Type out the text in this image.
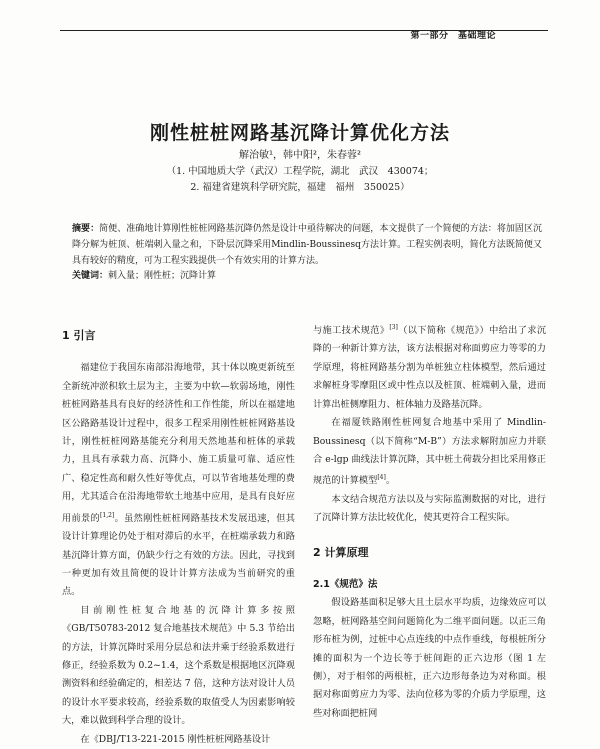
第一部分　基础理论
刚性桩桩网路基沉降计算优化方法
解治敏¹，韩中阳²，朱春蓉²
（1. 中国地质大学（武汉）工程学院，湖北　武汉　430074；
2. 福建省建筑科学研究院，福建　福州　350025）
摘要：简便、准确地计算刚性桩桩网路基沉降仍然是设计中亟待解决的问题，本文提供了一个简便的方法：将加固区沉降分解为桩顶、桩端刺入量之和，下卧层沉降采用Mindlin-Boussinesq方法计算。工程实例表明，简化方法既简便又具有较好的精度，可为工程实践提供一个有效实用的计算方法。
关键词：刺入量；刚性桩；沉降计算
1 引言

福建位于我国东南部沿海地带，其十体以晚更新统至全新统冲淤积软土层为主，主要为中软—软弱场地，刚性桩桩网路基具有良好的经济性和工作性能，所以在福建地区公路路基设计过程中，很多工程采用刚性桩桩网路基设计，刚性桩桩网路基能充分利用天然地基和桩体的承载力，且具有承载力高、沉降小、施工质量可靠、适应性广、稳定性高和耐久性好等优点，可以节省地基处理的费用，尤其适合在沿海地带软土地基中应用，是具有良好应用前景的[1,2]。虽然刚性桩桩网路基技术发展迅速，但其设计计算理论仍处于相对滞后的水平，在桩端承载力和路基沉降计算方面，仍缺少行之有效的方法。因此，寻找到一种更加有效且简便的设计计算方法成为当前研究的重点。

目前刚性桩复合地基的沉降计算多按照《GB/T50783-2012 复合地基技术规范》中 5.3 节给出的方法，计算沉降时采用分层总和法并乘于经验系数进行修正，经验系数为 0.2~1.4，这个系数是根据地区沉降观测资料和经验确定的，相差达 7 倍，这种方法对设计人员的设计水平要求较高，经验系数的取值受人为因素影响较大，难以做到科学合理的设计。

在《DBJ/T13-221-2015 刚性桩桩网路基设计

与施工技术规范》[3]（以下简称《规范》）中给出了求沉降的一种新计算方法，该方法根据对称面剪应力等零的力学原理，将桩网路基分割为单桩独立柱体模型，然后通过求解桩身零摩阻区或中性点以及桩顶、桩端刺入量，进而计算出桩侧摩阻力、桩体轴力及路基沉降。

在福厦铁路刚性桩网复合地基中采用了 Mindlin-Boussinesq（以下简称“M-B”）方法求解附加应力并联合 e-lgp 曲线法计算沉降，其中桩土荷载分担比采用修正规范的计算模型[4]。

本文结合规范方法以及与实际监测数据的对比，进行了沉降计算方法比较优化，使其更符合工程实际。

2 计算原理
2.1《规范》法

假设路基面积足够大且土层水平均质，边缘效应可以忽略，桩网路基空间问题简化为二维平面问题。以正三角形布桩为例，过桩中心点连线的中点作垂线，每根桩所分摊的面积为一个边长等于桩间距的正六边形（图 1 左侧），对于相邻的两根桩，正六边形每条边为对称面。根据对称面剪应力为零、法向位移为零的介质力学原理，这些对称面把桩网
